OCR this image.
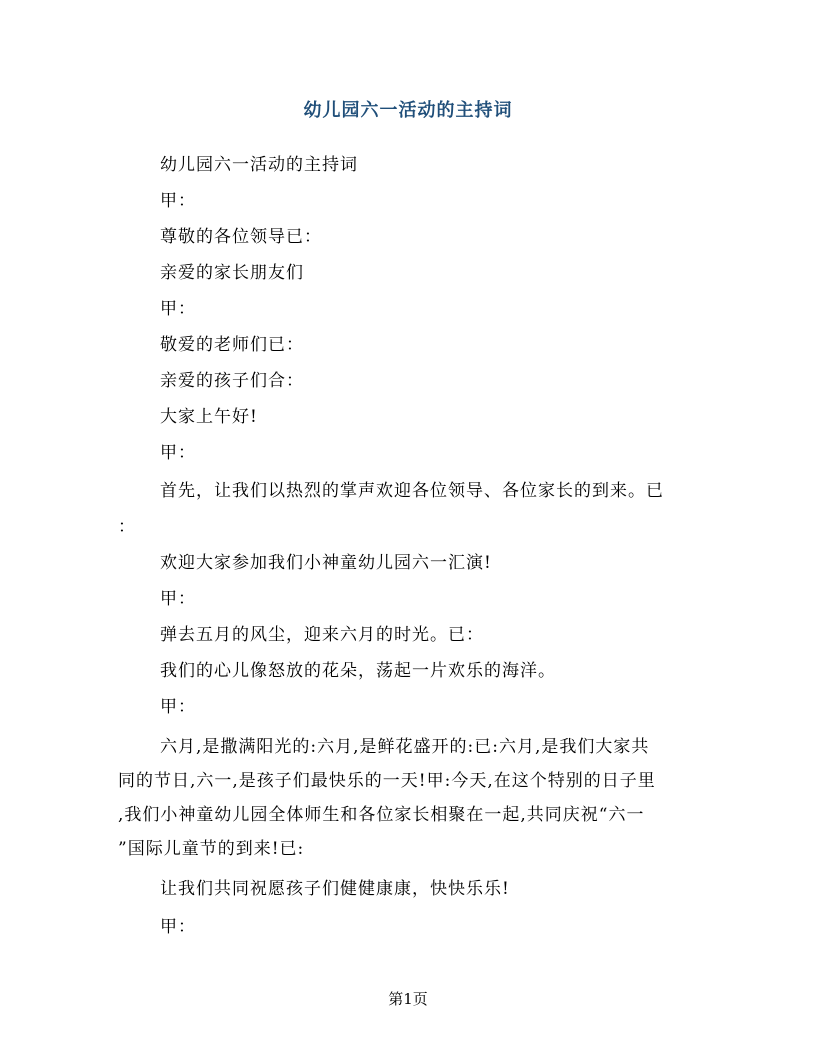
幼儿园六一活动的主持词
幼儿园六一活动的主持词
甲：
尊敬的各位领导已：
亲爱的家长朋友们
甲：
敬爱的老师们已：
亲爱的孩子们合：
大家上午好!
甲：
首先，让我们以热烈的掌声欢迎各位领导、各位家长的到来。已
：
欢迎大家参加我们小神童幼儿园六一汇演!
甲：
弹去五月的风尘，迎来六月的时光。已：
我们的心儿像怒放的花朵，荡起一片欢乐的海洋。
甲：
六月,是撒满阳光的:六月,是鲜花盛开的:已:六月,是我们大家共
同的节日,六一,是孩子们最快乐的一天!甲:今天,在这个特别的日子里
,我们小神童幼儿园全体师生和各位家长相聚在一起,共同庆祝“六一
”国际儿童节的到来!已:
让我们共同祝愿孩子们健健康康，快快乐乐!
甲：
第1页
